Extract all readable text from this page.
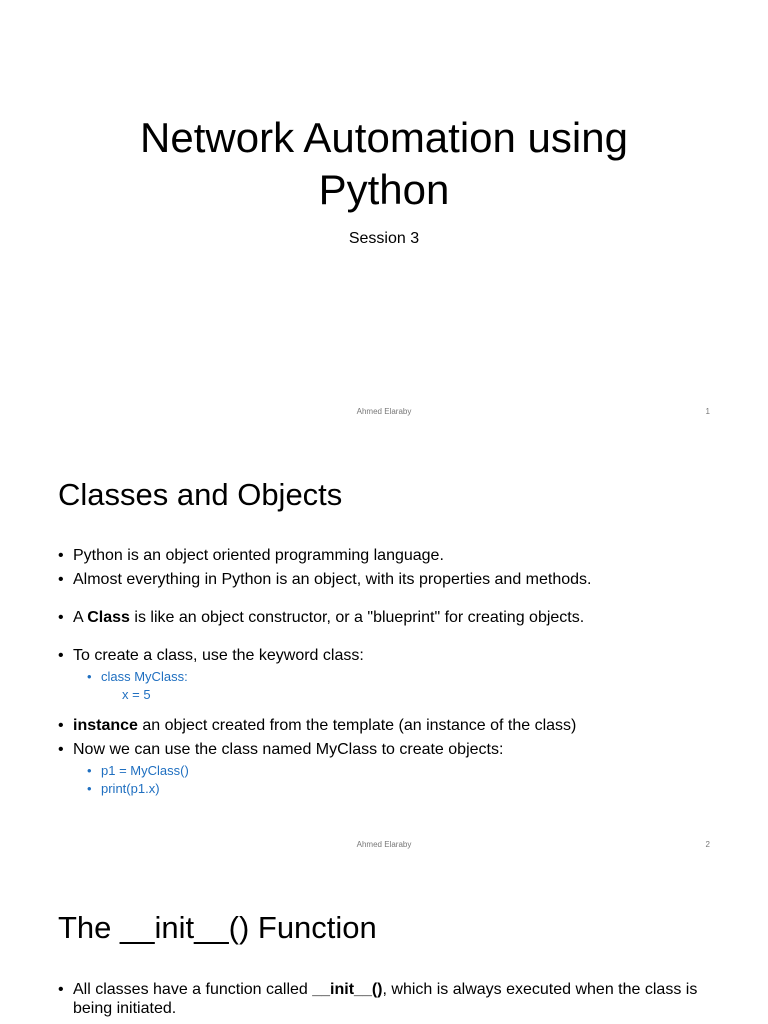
Network Automation using
Python

Session 3

Ahmed Elaraby	1
Classes and Objects
• Python is an object oriented programming language.
• Almost everything in Python is an object, with its properties and methods.
• A Class is like an object constructor, or a "blueprint" for creating objects.
• To create a class, use the keyword class:
• class MyClass:
x = 5
• instance an object created from the template (an instance of the class)
• Now we can use the class named MyClass to create objects:
• p1 = MyClass()
• print(p1.x)
Ahmed Elaraby	2
The __init__() Function
• All classes have a function called __init__(), which is always executed when the class is being initiated.
